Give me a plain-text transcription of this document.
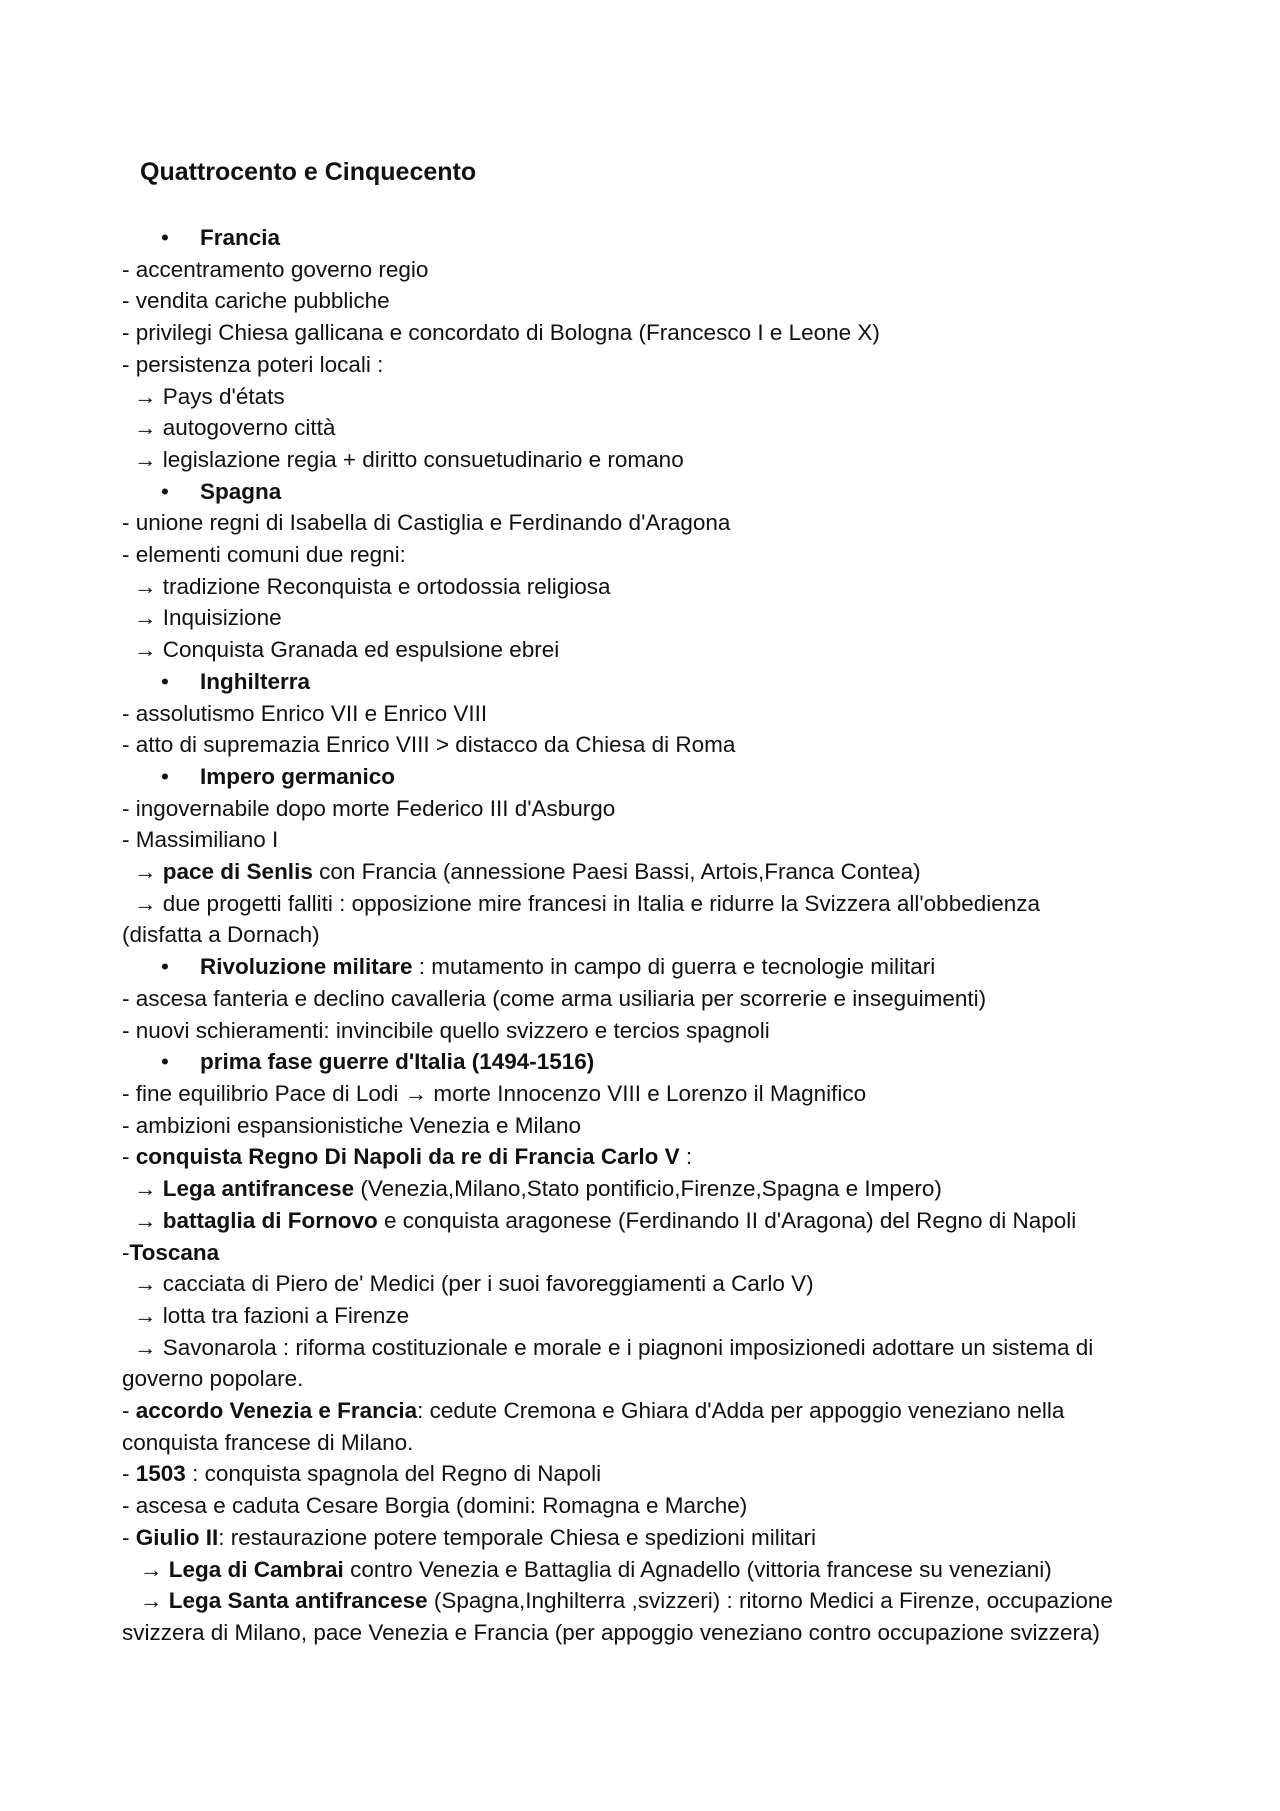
Quattrocento e Cinquecento
• Francia
- accentramento governo regio
- vendita cariche pubbliche
- privilegi Chiesa gallicana e concordato di Bologna (Francesco I e Leone X)
- persistenza poteri locali :
→ Pays d'états
→ autogoverno città
→ legislazione regia + diritto consuetudinario e romano
• Spagna
- unione regni di Isabella di Castiglia e Ferdinando d'Aragona
- elementi comuni due regni:
→ tradizione Reconquista e ortodossia religiosa
→ Inquisizione
→ Conquista Granada ed espulsione ebrei
• Inghilterra
- assolutismo Enrico VII e Enrico VIII
- atto di supremazia Enrico VIII > distacco da Chiesa di Roma
• Impero germanico
- ingovernabile dopo morte Federico III d'Asburgo
- Massimiliano I
→ pace di Senlis con Francia (annessione Paesi Bassi, Artois,Franca Contea)
→ due progetti falliti : opposizione mire francesi in Italia e ridurre la Svizzera all'obbedienza
(disfatta a Dornach)
• Rivoluzione militare : mutamento in campo di guerra e tecnologie militari
- ascesa fanteria e declino cavalleria (come arma usiliaria per scorrerie e inseguimenti)
- nuovi schieramenti: invincibile quello svizzero e tercios spagnoli
• prima fase guerre d'Italia (1494-1516)
- fine equilibrio Pace di Lodi → morte Innocenzo VIII e Lorenzo il Magnifico
- ambizioni espansionistiche Venezia e Milano
- conquista Regno Di Napoli da re di Francia Carlo V :
→ Lega antifrancese (Venezia,Milano,Stato pontificio,Firenze,Spagna e Impero)
→ battaglia di Fornovo e conquista aragonese (Ferdinando II d'Aragona) del Regno di Napoli
-Toscana
→ cacciata di Piero de' Medici (per i suoi favoreggiamenti a Carlo V)
→ lotta tra fazioni a Firenze
→ Savonarola : riforma costituzionale e morale e i piagnoni imposizionedi adottare un sistema di governo popolare.
- accordo Venezia e Francia: cedute Cremona e Ghiara d'Adda per appoggio veneziano nella conquista francese di Milano.
- 1503 : conquista spagnola del Regno di Napoli
- ascesa e caduta Cesare Borgia (domini: Romagna e Marche)
- Giulio II: restaurazione potere temporale Chiesa e spedizioni militari
→ Lega di Cambrai contro Venezia e Battaglia di Agnadello (vittoria francese su veneziani)
→ Lega Santa antifrancese (Spagna,Inghilterra ,svizzeri) : ritorno Medici a Firenze, occupazione svizzera di Milano, pace Venezia e Francia (per appoggio veneziano contro occupazione svizzera)
